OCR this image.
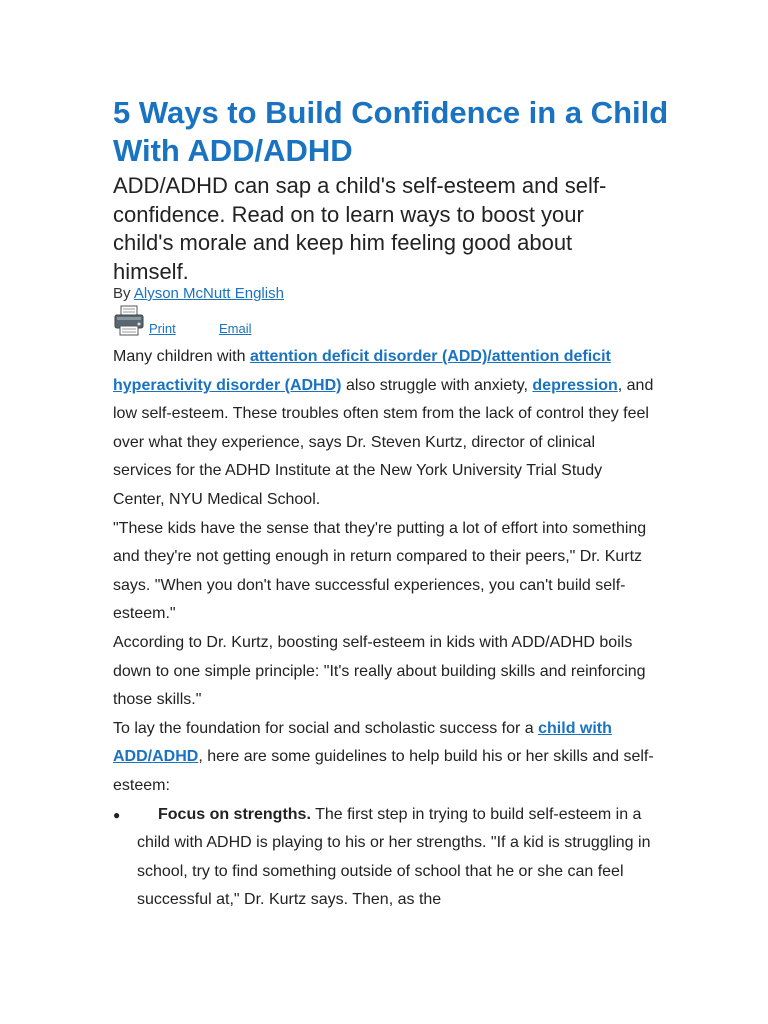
5 Ways to Build Confidence in a Child With ADD/ADHD

ADD/ADHD can sap a child's self-esteem and self-confidence. Read on to learn ways to boost your child's morale and keep him feeling good about himself.

By Alyson McNutt English
Print	Email

Many children with attention deficit disorder (ADD)/attention deficit hyperactivity disorder (ADHD) also struggle with anxiety, depression, and low self-esteem. These troubles often stem from the lack of control they feel over what they experience, says Dr. Steven Kurtz, director of clinical services for the ADHD Institute at the New York University Trial Study Center, NYU Medical School.

"These kids have the sense that they're putting a lot of effort into something and they're not getting enough in return compared to their peers," Dr. Kurtz says. "When you don't have successful experiences, you can't build self-esteem."

According to Dr. Kurtz, boosting self-esteem in kids with ADD/ADHD boils down to one simple principle: "It's really about building skills and reinforcing those skills."

To lay the foundation for social and scholastic success for a child with ADD/ADHD, here are some guidelines to help build his or her skills and self-esteem:

● Focus on strengths. The first step in trying to build self-esteem in a child with ADHD is playing to his or her strengths. "If a kid is struggling in school, try to find something outside of school that he or she can feel successful at," Dr. Kurtz says. Then, as the
